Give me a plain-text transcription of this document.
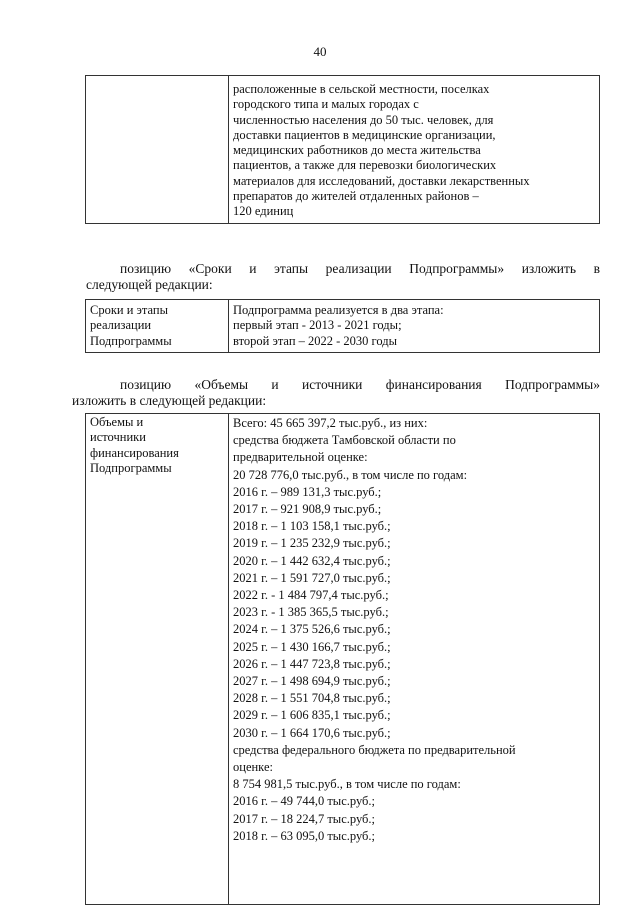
40

расположенные в сельской местности, поселках
городского типа и малых городах с
численностью населения до 50 тыс. человек, для
доставки пациентов в медицинские организации,
медицинских работников до места жительства
пациентов, а также для перевозки биологических
материалов для исследований, доставки лекарственных
препаратов до жителей отдаленных районов –
120 единиц
позицию «Сроки и этапы реализации Подпрограммы» изложить в
следующей редакции:
Сроки и этапы
реализации
Подпрограммы

Подпрограмма реализуется в два этапа:
первый этап - 2013 - 2021 годы;
второй этап – 2022 - 2030 годы
позицию «Объемы и источники финансирования Подпрограммы»
изложить в следующей редакции:
Объемы и
источники
финансирования
Подпрограммы

Всего: 45 665 397,2 тыс.руб., из них:
средства бюджета Тамбовской области по
предварительной оценке:
20 728 776,0 тыс.руб., в том числе по годам:
2016 г. – 989 131,3 тыс.руб.;
2017 г. – 921 908,9 тыс.руб.;
2018 г. – 1 103 158,1 тыс.руб.;
2019 г. – 1 235 232,9 тыс.руб.;
2020 г. – 1 442 632,4 тыс.руб.;
2021 г. – 1 591 727,0 тыс.руб.;
2022 г. - 1 484 797,4 тыс.руб.;
2023 г. - 1 385 365,5 тыс.руб.;
2024 г. – 1 375 526,6 тыс.руб.;
2025 г. – 1 430 166,7 тыс.руб.;
2026 г. – 1 447 723,8 тыс.руб.;
2027 г. – 1 498 694,9 тыс.руб.;
2028 г. – 1 551 704,8 тыс.руб.;
2029 г. – 1 606 835,1 тыс.руб.;
2030 г. – 1 664 170,6 тыс.руб.;
средства федерального бюджета по предварительной
оценке:
8 754 981,5 тыс.руб., в том числе по годам:
2016 г. – 49 744,0 тыс.руб.;
2017 г. – 18 224,7 тыс.руб.;
2018 г. – 63 095,0 тыс.руб.;
